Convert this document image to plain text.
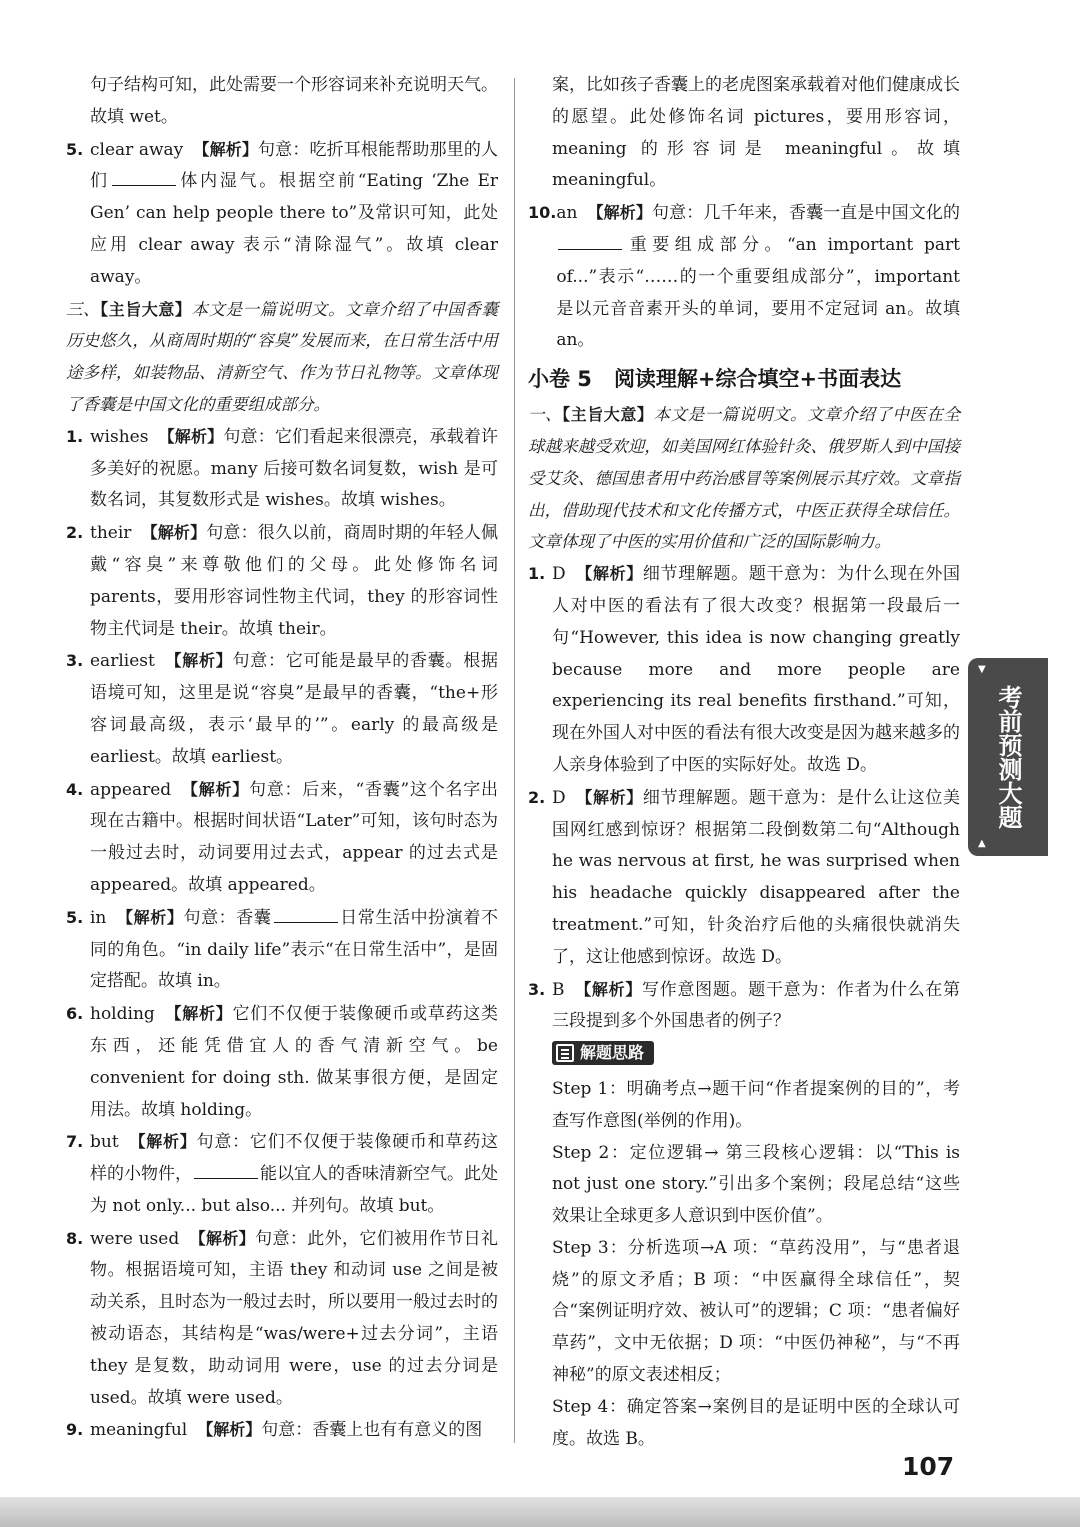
句子结构可知，此处需要一个形容词来补充说明天气。故填 wet。
5. clear away 【解析】句意：吃折耳根能帮助那里的人们	体内湿气。根据空前“Eating ‘Zhe Er Gen’ can help people there to”及常识可知，此处应用 clear away 表示“清除湿气”。故填 clear away。
三、【主旨大意】本文是一篇说明文。文章介绍了中国香囊历史悠久，从商周时期的“容臭”发展而来，在日常生活中用途多样，如装物品、清新空气、作为节日礼物等。文章体现了香囊是中国文化的重要组成部分。
1. wishes 【解析】句意：它们看起来很漂亮，承载着许多美好的祝愿。many 后接可数名词复数，wish 是可数名词，其复数形式是 wishes。故填 wishes。
2. their 【解析】句意：很久以前，商周时期的年轻人佩戴“容臭”来尊敬他们的父母。此处修饰名词 parents，要用形容词性物主代词，they 的形容词性物主代词是 their。故填 their。
3. earliest 【解析】句意：它可能是最早的香囊。根据语境可知，这里是说“容臭”是最早的香囊，“the+形容词最高级，表示‘最早的’”。early 的最高级是 earliest。故填 earliest。
4. appeared 【解析】句意：后来，“香囊”这个名字出现在古籍中。根据时间状语“Later”可知，该句时态为一般过去时，动词要用过去式，appear 的过去式是 appeared。故填 appeared。
5. in 【解析】句意：香囊	日常生活中扮演着不同的角色。“in daily life”表示“在日常生活中”，是固定搭配。故填 in。
6. holding 【解析】它们不仅便于装像硬币或草药这类东西，还能凭借宜人的香气清新空气。be convenient for doing sth. 做某事很方便，是固定用法。故填 holding。
7. but 【解析】句意：它们不仅便于装像硬币和草药这样的小物件，	能以宜人的香味清新空气。此处为 not only... but also... 并列句。故填 but。
8. were used 【解析】句意：此外，它们被用作节日礼物。根据语境可知，主语 they 和动词 use 之间是被动关系，且时态为一般过去时，所以要用一般过去时的被动语态，其结构是“was/were+过去分词”，主语 they 是复数，助动词用 were，use 的过去分词是 used。故填 were used。
9. meaningful 【解析】句意：香囊上也有有意义的图
案，比如孩子香囊上的老虎图案承载着对他们健康成长的愿望。此处修饰名词 pictures，要用形容词，meaning 的形容词是 meaningful。故填 meaningful。
10. an 【解析】句意：几千年来，香囊一直是中国文化的重要组成部分。“an important part of...”表示“……的一个重要组成部分”，important 是以元音音素开头的单词，要用不定冠词 an。故填 an。
小卷 5 阅读理解+综合填空+书面表达
一、【主旨大意】本文是一篇说明文。文章介绍了中医在全球越来越受欢迎，如美国网红体验针灸、俄罗斯人到中国接受艾灸、德国患者用中药治感冒等案例展示其疗效。文章指出，借助现代技术和文化传播方式，中医正获得全球信任。文章体现了中医的实用价值和广泛的国际影响力。
1. D 【解析】细节理解题。题干意为：为什么现在外国人对中医的看法有了很大改变？根据第一段最后一句“However, this idea is now changing greatly because more and more people are experiencing its real benefits firsthand.”可知，现在外国人对中医的看法有很大改变是因为越来越多的人亲身体验到了中医的实际好处。故选 D。
2. D 【解析】细节理解题。题干意为：是什么让这位美国网红感到惊讶？根据第二段倒数第二句“Although he was nervous at first, he was surprised when his headache quickly disappeared after the treatment.”可知，针灸治疗后他的头痛很快就消失了，这让他感到惊讶。故选 D。
3. B 【解析】写作意图题。题干意为：作者为什么在第三段提到多个外国患者的例子？
解题思路
Step 1：明确考点→题干问“作者提案例的目的”，考查写作意图(举例的作用)。
Step 2：定位逻辑→ 第三段核心逻辑：以“This is not just one story.”引出多个案例；段尾总结“这些效果让全球更多人意识到中医价值”。
Step 3：分析选项→A 项：“草药没用”，与“患者退烧”的原文矛盾；B 项：“中医赢得全球信任”，契合“案例证明疗效、被认可”的逻辑；C 项：“患者偏好草药”，文中无依据；D 项：“中医仍神秘”，与“不再神秘”的原文表述相反；
Step 4：确定答案→案例目的是证明中医的全球认可度。故选 B。
▼
考前预测大题
▲
107
